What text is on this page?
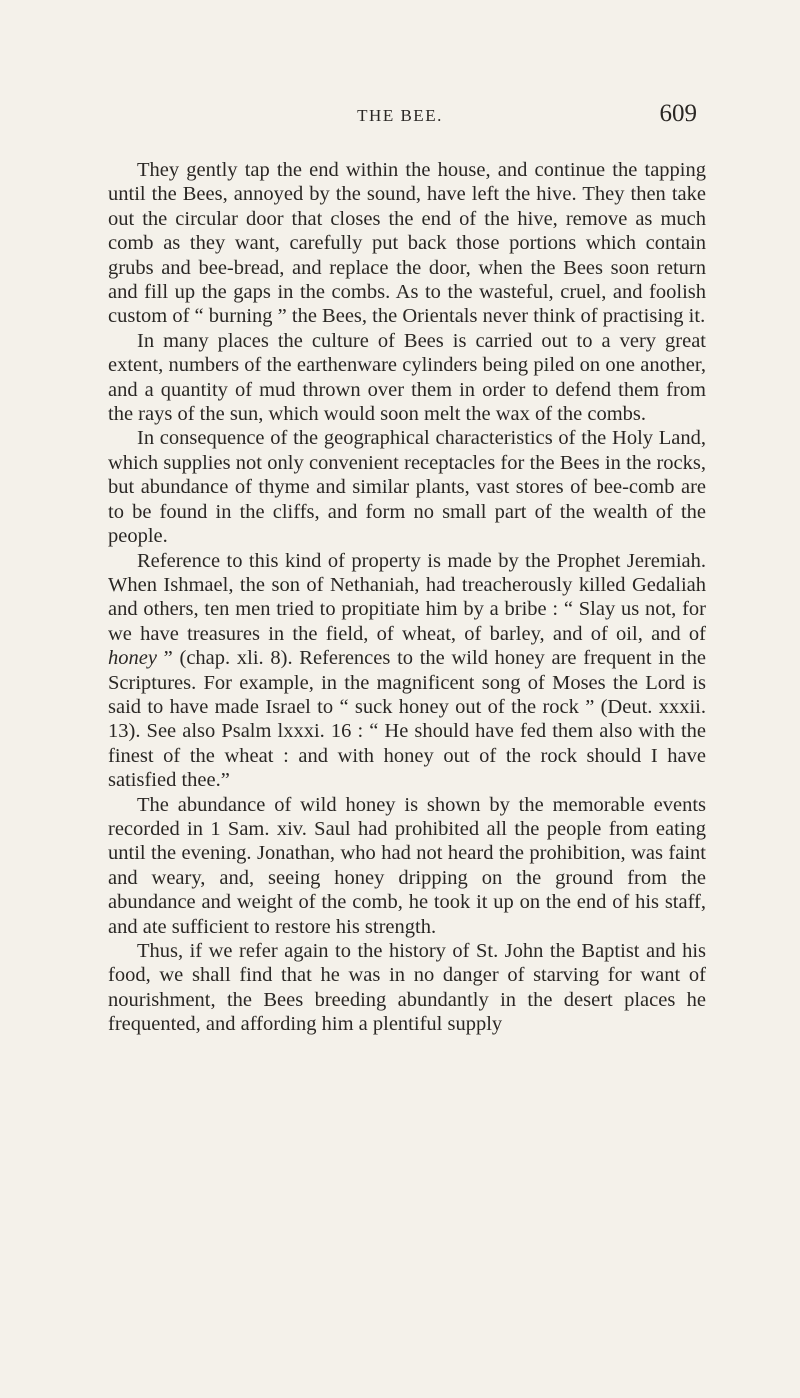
THE BEE.	609

They gently tap the end within the house, and continue the tapping until the Bees, annoyed by the sound, have left the hive. They then take out the circular door that closes the end of the hive, remove as much comb as they want, carefully put back those portions which contain grubs and bee-bread, and replace the door, when the Bees soon return and fill up the gaps in the combs. As to the wasteful, cruel, and foolish custom of “ burning ” the Bees, the Orientals never think of practising it.

In many places the culture of Bees is carried out to a very great extent, numbers of the earthenware cylinders being piled on one another, and a quantity of mud thrown over them in order to defend them from the rays of the sun, which would soon melt the wax of the combs.

In consequence of the geographical characteristics of the Holy Land, which supplies not only convenient receptacles for the Bees in the rocks, but abundance of thyme and similar plants, vast stores of bee-comb are to be found in the cliffs, and form no small part of the wealth of the people.

Reference to this kind of property is made by the Prophet Jeremiah. When Ishmael, the son of Nethaniah, had treacherously killed Gedaliah and others, ten men tried to propitiate him by a bribe : “ Slay us not, for we have treasures in the field, of wheat, of barley, and of oil, and of honey ” (chap. xli. 8). References to the wild honey are frequent in the Scriptures. For example, in the magnificent song of Moses the Lord is said to have made Israel to “ suck honey out of the rock ” (Deut. xxxii. 13). See also Psalm lxxxi. 16 : “ He should have fed them also with the finest of the wheat : and with honey out of the rock should I have satisfied thee.”

The abundance of wild honey is shown by the memorable events recorded in 1 Sam. xiv. Saul had prohibited all the people from eating until the evening. Jonathan, who had not heard the prohibition, was faint and weary, and, seeing honey dripping on the ground from the abundance and weight of the comb, he took it up on the end of his staff, and ate sufficient to restore his strength.

Thus, if we refer again to the history of St. John the Baptist and his food, we shall find that he was in no danger of starving for want of nourishment, the Bees breeding abundantly in the desert places he frequented, and affording him a plentiful supply
